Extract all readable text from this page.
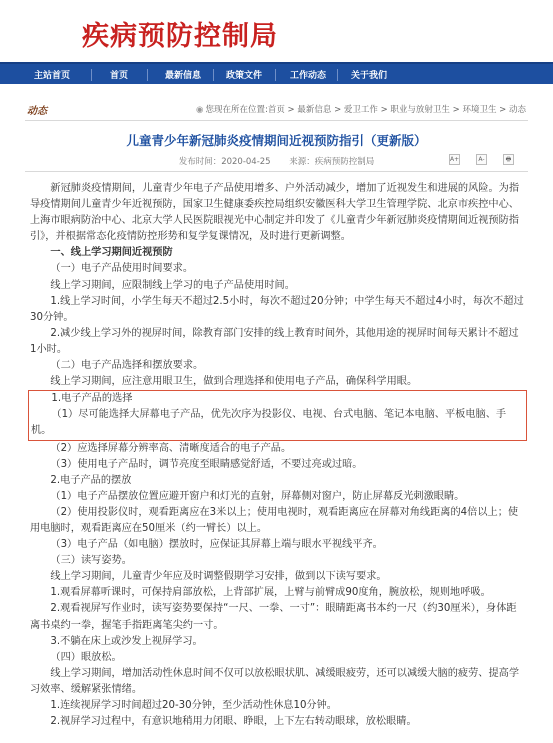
疾病预防控制局
主站首页	首页	最新信息	政策文件	工作动态	关于我们
动态	◉ 您现在所在位置:首页 > 最新信息 > 爱卫工作 > 职业与放射卫生 > 环境卫生 > 动态
儿童青少年新冠肺炎疫情期间近视预防指引（更新版）
发布时间：2020-04-25 来源：疾病预防控制局	A+	A-	🖶

新冠肺炎疫情期间，儿童青少年电子产品使用增多、户外活动减少，增加了近视发生和进展的风险。为指导疫情期间儿童青少年近视预防，国家卫生健康委疾控局组织安徽医科大学卫生管理学院、北京市疾控中心、上海市眼病防治中心、北京大学人民医院眼视光中心制定并印发了《儿童青少年新冠肺炎疫情期间近视预防指引》，并根据常态化疫情防控形势和复学复课情况，及时进行更新调整。

一、线上学习期间近视预防

（一）电子产品使用时间要求。

线上学习期间，应限制线上学习的电子产品使用时间。

1.线上学习时间，小学生每天不超过2.5小时，每次不超过20分钟；中学生每天不超过4小时，每次不超过30分钟。

2.减少线上学习外的视屏时间，除教育部门安排的线上教育时间外，其他用途的视屏时间每天累计不超过1小时。

（二）电子产品选择和摆放要求。

线上学习期间，应注意用眼卫生，做到合理选择和使用电子产品，确保科学用眼。

1.电子产品的选择

（1）尽可能选择大屏幕电子产品，优先次序为投影仪、电视、台式电脑、笔记本电脑、平板电脑、手机。

（2）应选择屏幕分辨率高、清晰度适合的电子产品。

（3）使用电子产品时，调节亮度至眼睛感觉舒适，不要过亮或过暗。

2.电子产品的摆放

（1）电子产品摆放位置应避开窗户和灯光的直射，屏幕侧对窗户，防止屏幕反光刺激眼睛。

（2）使用投影仪时，观看距离应在3米以上；使用电视时，观看距离应在屏幕对角线距离的4倍以上；使用电脑时，观看距离应在50厘米（约一臂长）以上。

（3）电子产品（如电脑）摆放时，应保证其屏幕上端与眼水平视线平齐。

（三）读写姿势。

线上学习期间，儿童青少年应及时调整假期学习安排，做到以下读写要求。

1.观看屏幕听课时，可保持肩部放松，上背部扩展，上臂与前臂成90度角，腕放松，规则地呼吸。

2.观看视屏写作业时，读写姿势要保持“一尺、一拳、一寸”：眼睛距离书本约一尺（约30厘米），身体距离书桌约一拳，握笔手指距离笔尖约一寸。

3.不躺在床上或沙发上视屏学习。

（四）眼放松。

线上学习期间，增加活动性休息时间不仅可以放松眼状肌、减缓眼疲劳，还可以减缓大脑的疲劳、提高学习效率、缓解紧张情绪。

1.连续视屏学习时间超过20-30分钟，至少活动性休息10分钟。

2.视屏学习过程中，有意识地稍用力闭眼、睁眼，上下左右转动眼球，放松眼睛。
